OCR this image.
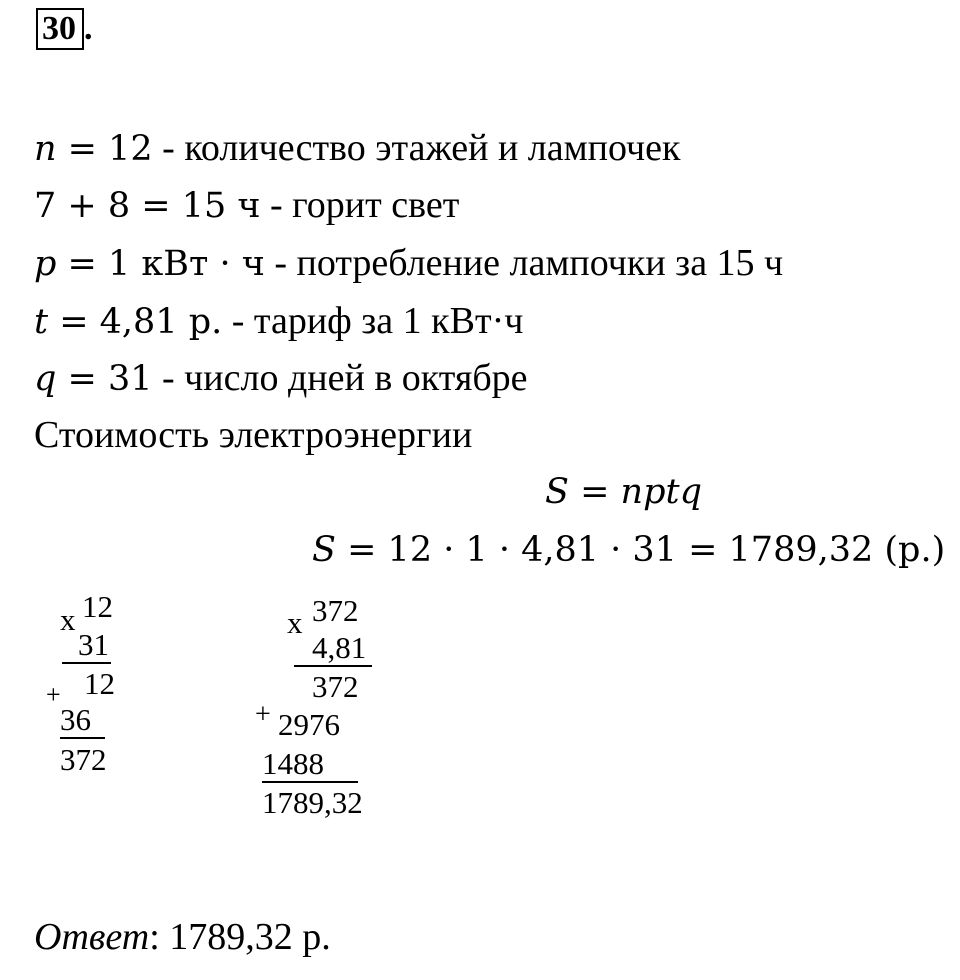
30 .
n = 12 - количество этажей и лампочек
7 + 8 = 15 ч - горит свет
p = 1 кВт · ч - потребление лампочки за 15 ч
t = 4,81 р. - тариф за 1 кВт·ч
q = 31 - число дней в октябре
Стоимость электроэнергии
S = nptq
S = 12 · 1 · 4,81 · 31 = 1789,32 (р.)
x 12
31
+ 12
36
372
x 372
4,81
372
+ 2976
1488
1789,32
Ответ: 1789,32 р.
